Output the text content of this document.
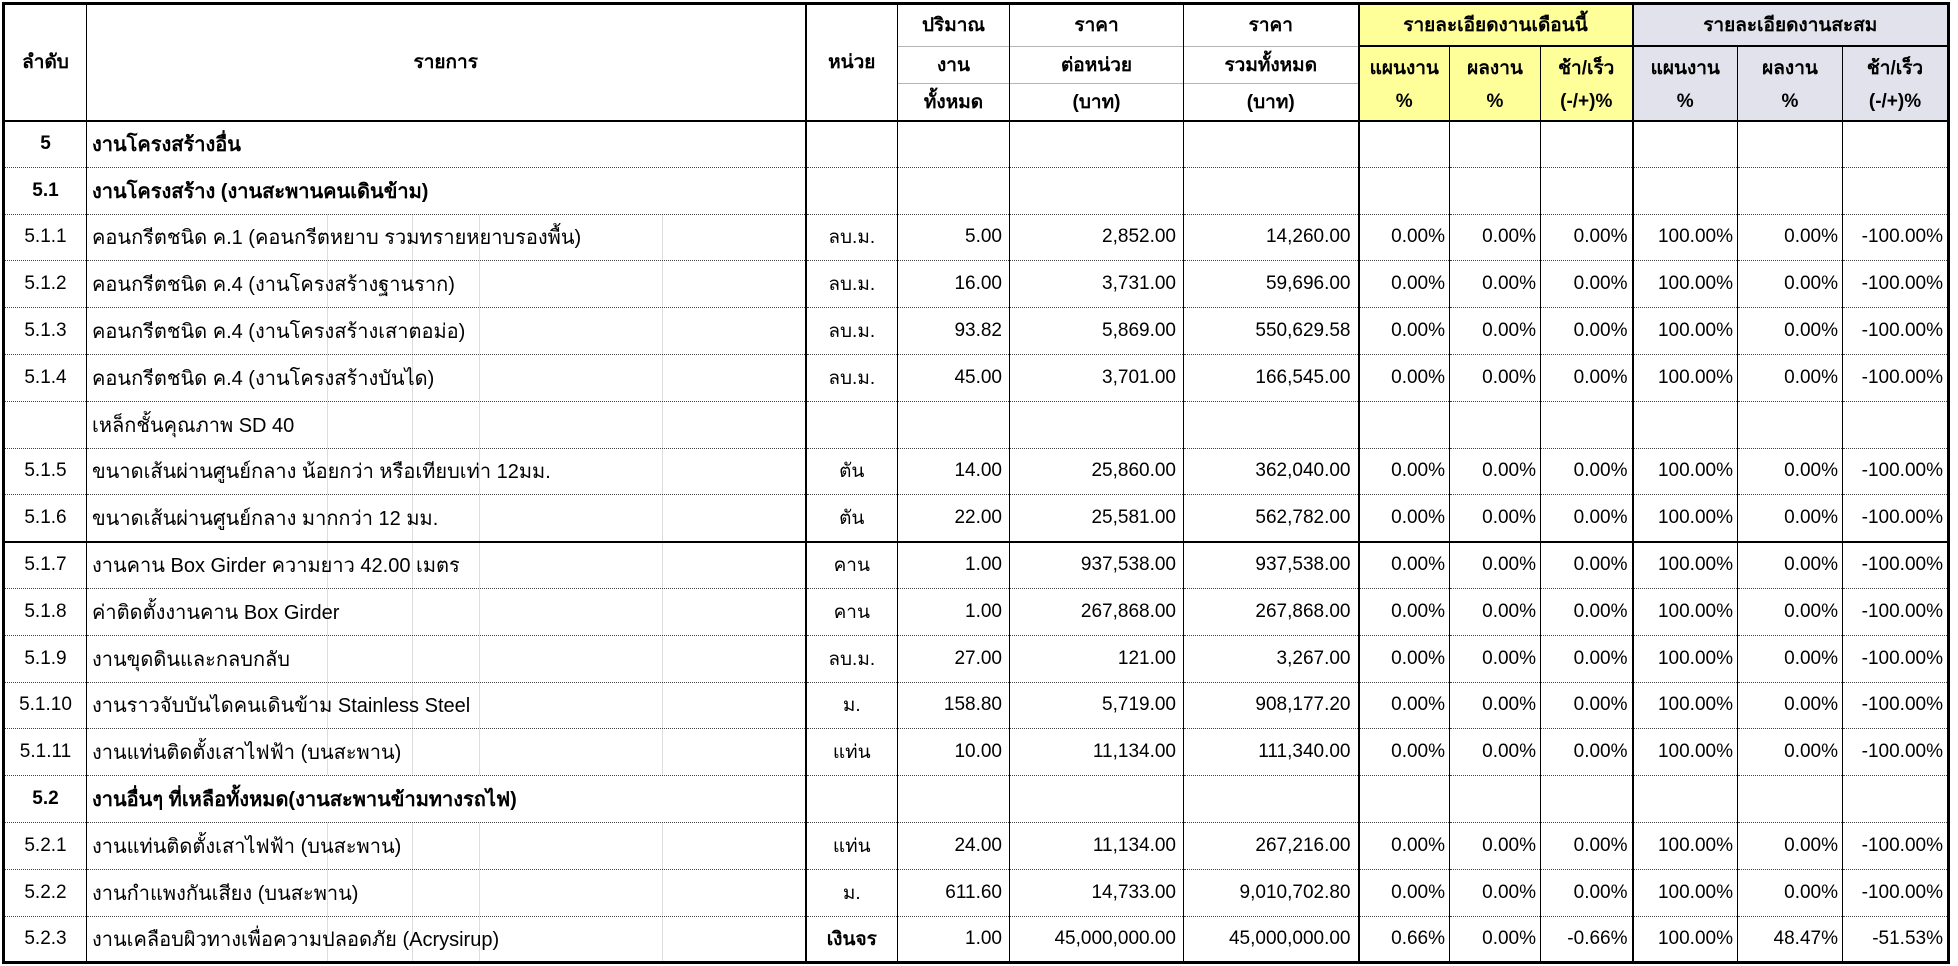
ลำดับ	รายการ	หน่วย	ปริมาณ	ราคา	ราคา	รายละเอียดงานเดือนนี้			รายละเอียดงานสะสม		
			งาน	ต่อหน่วย	รวมทั้งหมด	แผนงาน
%	ผลงาน
%	ช้า/เร็ว
(-/+)%	แผนงาน
%	ผลงาน
%	ช้า/เร็ว
(-/+)%

			ทั้งหมด	(บาท)	(บาท)						
5	งานโครงสร้างอื่น										
5.1	งานโครงสร้าง (งานสะพานคนเดินข้าม)										
5.1.1	คอนกรีตชนิด ค.1 (คอนกรีตหยาบ รวมทรายหยาบรองพื้น)	ลบ.ม.	5.00	2,852.00	14,260.00	0.00%	0.00%	0.00%	100.00%	0.00%	-100.00%
5.1.2	คอนกรีตชนิด ค.4 (งานโครงสร้างฐานราก)	ลบ.ม.	16.00	3,731.00	59,696.00	0.00%	0.00%	0.00%	100.00%	0.00%	-100.00%
5.1.3	คอนกรีตชนิด ค.4 (งานโครงสร้างเสาตอม่อ)	ลบ.ม.	93.82	5,869.00	550,629.58	0.00%	0.00%	0.00%	100.00%	0.00%	-100.00%
5.1.4	คอนกรีตชนิด ค.4 (งานโครงสร้างบันได)	ลบ.ม.	45.00	3,701.00	166,545.00	0.00%	0.00%	0.00%	100.00%	0.00%	-100.00%
	เหล็กชั้นคุณภาพ SD 40										
5.1.5	ขนาดเส้นผ่านศูนย์กลาง น้อยกว่า หรือเทียบเท่า 12มม.	ตัน	14.00	25,860.00	362,040.00	0.00%	0.00%	0.00%	100.00%	0.00%	-100.00%
5.1.6	ขนาดเส้นผ่านศูนย์กลาง มากกว่า 12 มม.	ตัน	22.00	25,581.00	562,782.00	0.00%	0.00%	0.00%	100.00%	0.00%	-100.00%
5.1.7	งานคาน Box Girder ความยาว 42.00 เมตร	คาน	1.00	937,538.00	937,538.00	0.00%	0.00%	0.00%	100.00%	0.00%	-100.00%
5.1.8	ค่าติดตั้งงานคาน Box Girder	คาน	1.00	267,868.00	267,868.00	0.00%	0.00%	0.00%	100.00%	0.00%	-100.00%
5.1.9	งานขุดดินและกลบกลับ	ลบ.ม.	27.00	121.00	3,267.00	0.00%	0.00%	0.00%	100.00%	0.00%	-100.00%
5.1.10	งานราวจับบันไดคนเดินข้าม Stainless Steel	ม.	158.80	5,719.00	908,177.20	0.00%	0.00%	0.00%	100.00%	0.00%	-100.00%
5.1.11	งานแท่นติดตั้งเสาไฟฟ้า (บนสะพาน)	แท่น	10.00	11,134.00	111,340.00	0.00%	0.00%	0.00%	100.00%	0.00%	-100.00%
5.2	งานอื่นๆ ที่เหลือทั้งหมด(งานสะพานข้ามทางรถไฟ)										
5.2.1	งานแท่นติดตั้งเสาไฟฟ้า (บนสะพาน)	แท่น	24.00	11,134.00	267,216.00	0.00%	0.00%	0.00%	100.00%	0.00%	-100.00%
5.2.2	งานกำแพงกันเสียง (บนสะพาน)	ม.	611.60	14,733.00	9,010,702.80	0.00%	0.00%	0.00%	100.00%	0.00%	-100.00%
5.2.3	งานเคลือบผิวทางเพื่อความปลอดภัย (Acrysirup)	เงินจร	1.00	45,000,000.00	45,000,000.00	0.66%	0.00%	-0.66%	100.00%	48.47%	-51.53%
